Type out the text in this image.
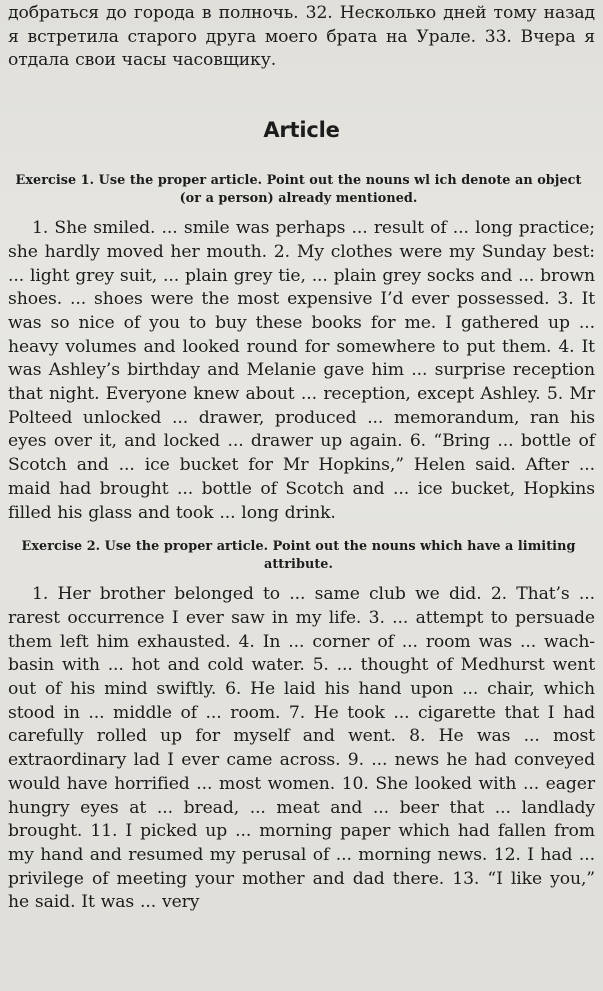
добраться до города в полночь. 32. Несколько дней тому назад я встретила старого друга моего брата на Урале. 33. Вчера я отдала свои часы часовщику.

Article
Exercise 1. Use the proper article. Point out the nouns wl ich denote an object (or a person) already mentioned.

1. She smiled. ... smile was perhaps ... result of ... long practice; she hardly moved her mouth. 2. My clothes were my Sunday best: ... light grey suit, ... plain grey tie, ... plain grey socks and ... brown shoes. ... shoes were the most expensive I’d ever possessed. 3. It was so nice of you to buy these books for me. I gathered up ... heavy volumes and looked round for somewhere to put them. 4. It was Ashley’s birthday and Melanie gave him ... surprise reception that night. Everyone knew about ... reception, except Ashley. 5. Mr Polteed unlocked ... drawer, produced ... memorandum, ran his eyes over it, and locked ... drawer up again. 6. “Bring ... bottle of Scotch and ... ice bucket for Mr Hopkins,” Helen said. After ... maid had brought ... bottle of Scotch and ... ice bucket, Hopkins filled his glass and took ... long drink.

Exercise 2. Use the proper article. Point out the nouns which have a limiting attribute.

1. Her brother belonged to ... same club we did. 2. That’s ... rarest occurrence I ever saw in my life. 3. ... attempt to persuade them left him exhausted. 4. In ... corner of ... room was ... wach-basin with ... hot and cold water. 5. ... thought of Medhurst went out of his mind swiftly. 6. He laid his hand upon ... chair, which stood in ... middle of ... room. 7. He took ... cigarette that I had carefully rolled up for myself and went. 8. He was ... most extraordinary lad I ever came across. 9. ... news he had conveyed would have horrified ... most women. 10. She looked with ... eager hungry eyes at ... bread, ... meat and ... beer that ... landlady brought. 11. I picked up ... morning paper which had fallen from my hand and resumed my perusal of ... morning news. 12. I had ... privilege of meeting your mother and dad there. 13. “I like you,” he said. It was ... very
